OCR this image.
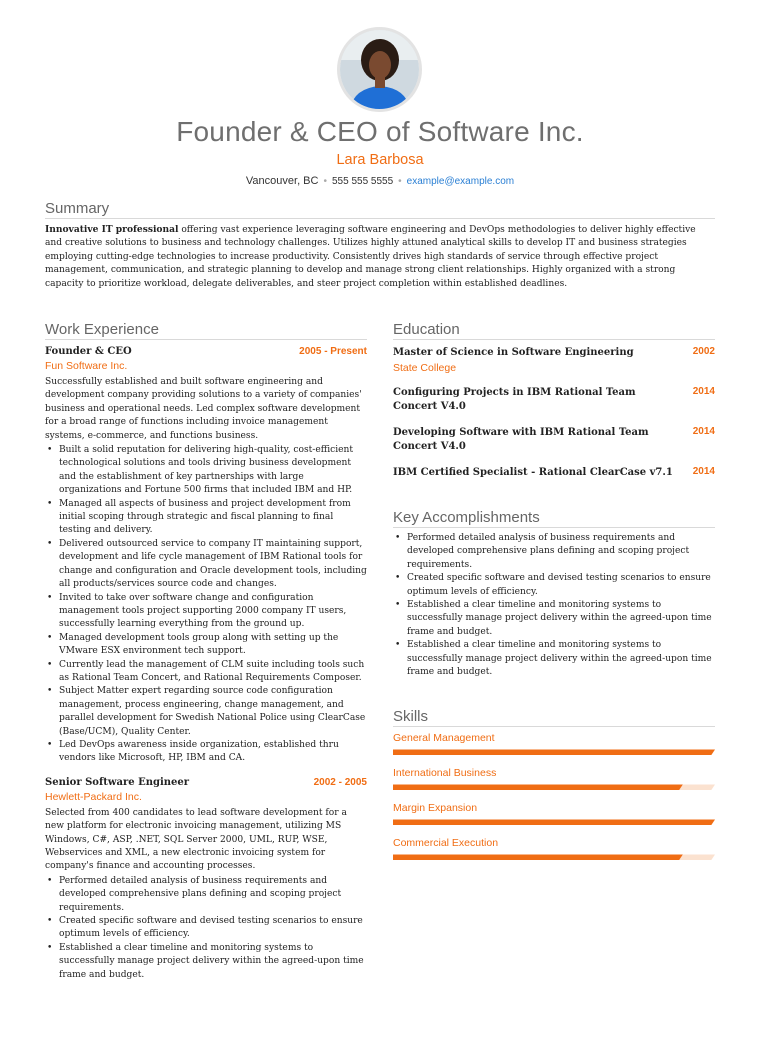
Founder & CEO of Software Inc.
Lara Barbosa
Vancouver, BC • 555 555 5555 • example@example.com
Summary

Innovative IT professional offering vast experience leveraging software engineering and DevOps methodologies to deliver highly effective and creative solutions to business and technology challenges. Utilizes highly attuned analytical skills to develop IT and business strategies employing cutting-edge technologies to increase productivity. Consistently drives high standards of service through effective project management, communication, and strategic planning to develop and manage strong client relationships. Highly organized with a strong capacity to prioritize workload, delegate deliverables, and steer project completion within established deadlines.

Work Experience
Founder & CEO	2005 - Present
Fun Software Inc.
Successfully established and built software engineering and development company providing solutions to a variety of companies' business and operational needs. Led complex software development for a broad range of functions including invoice management systems, e-commerce, and functions business.
• Built a solid reputation for delivering high-quality, cost-efficient technological solutions and tools driving business development and the establishment of key partnerships with large organizations and Fortune 500 firms that included IBM and HP.
• Managed all aspects of business and project development from initial scoping through strategic and fiscal planning to final testing and delivery.
• Delivered outsourced service to company IT maintaining support, development and life cycle management of IBM Rational tools for change and configuration and Oracle development tools, including all products/services source code and changes.
• Invited to take over software change and configuration management tools project supporting 2000 company IT users, successfully learning everything from the ground up.
• Managed development tools group along with setting up the VMware ESX environment tech support.
• Currently lead the management of CLM suite including tools such as Rational Team Concert, and Rational Requirements Composer.
• Subject Matter expert regarding source code configuration management, process engineering, change management, and parallel development for Swedish National Police using ClearCase (Base/UCM), Quality Center.
• Led DevOps awareness inside organization, established thru vendors like Microsoft, HP, IBM and CA.
Senior Software Engineer	2002 - 2005
Hewlett-Packard Inc.
Selected from 400 candidates to lead software development for a new platform for electronic invoicing management, utilizing MS Windows, C#, ASP, .NET, SQL Server 2000, UML, RUP, WSE, Webservices and XML, a new electronic invoicing system for company's finance and accounting processes.
• Performed detailed analysis of business requirements and developed comprehensive plans defining and scoping project requirements.
• Created specific software and devised testing scenarios to ensure optimum levels of efficiency.
• Established a clear timeline and monitoring systems to successfully manage project delivery within the agreed-upon time frame and budget.
Education
Master of Science in Software Engineering	2002
State College
Configuring Projects in IBM Rational Team Concert V4.0
2014
Developing Software with IBM Rational Team Concert V4.0
2014
IBM Certified Specialist - Rational ClearCase v7.1	2014
Key Accomplishments
• Performed detailed analysis of business requirements and developed comprehensive plans defining and scoping project requirements.
• Created specific software and devised testing scenarios to ensure optimum levels of efficiency.
• Established a clear timeline and monitoring systems to successfully manage project delivery within the agreed-upon time frame and budget.
• Established a clear timeline and monitoring systems to successfully manage project delivery within the agreed-upon time frame and budget.
Skills
General Management
International Business
Margin Expansion
Commercial Execution
